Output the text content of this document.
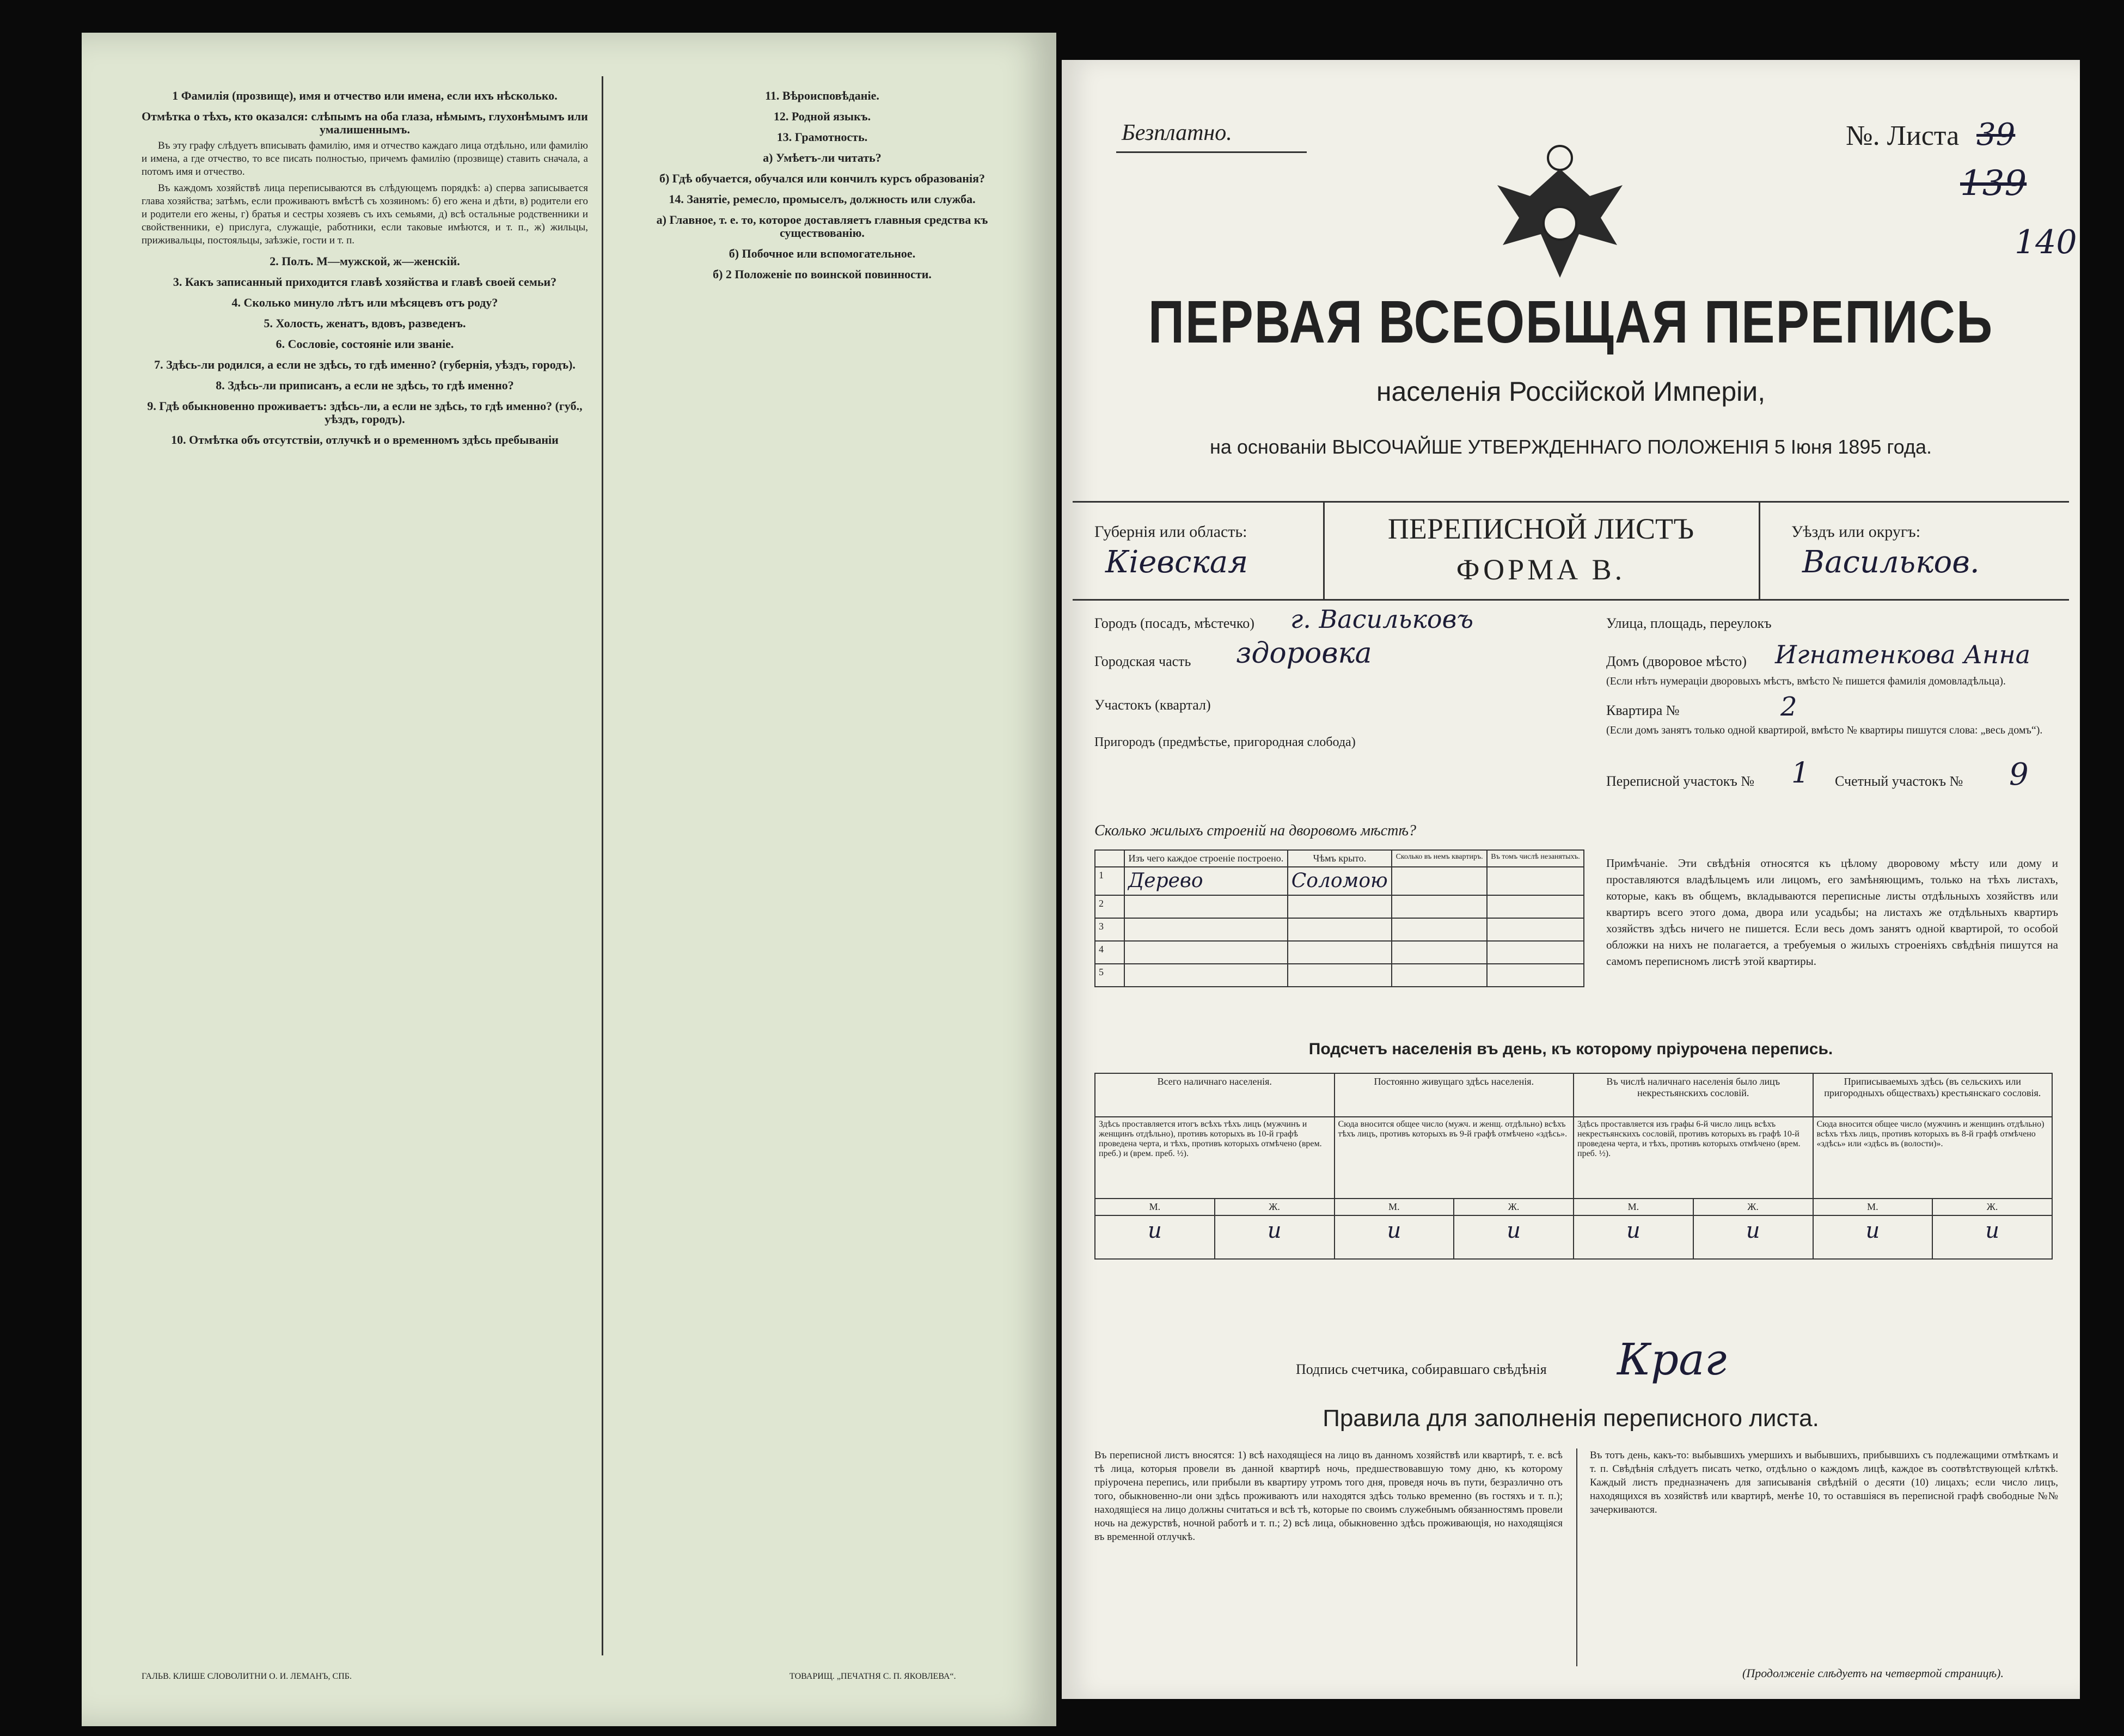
1 Фамилія (прозвище), имя и отчество или имена, если ихъ нѣсколько.
Отмѣтка о тѣхъ, кто оказался: слѣпымъ на оба глаза, нѣмымъ, глухонѣмымъ или умалишеннымъ.

Въ эту графу слѣдуетъ вписывать фамилію, имя и отчество каждаго лица отдѣльно, или фамилію и имена, а где отчество, то все писать полностью, причемъ фамилію (прозвище) ставить сначала, а потомъ имя и отчество.

Въ каждомъ хозяйствѣ лица переписываются въ слѣдующемъ порядкѣ: а) сперва записывается глава хозяйства; затѣмъ, если проживаютъ вмѣстѣ съ хозяиномъ: б) его жена и дѣти, в) родители его и родители его жены, г) братья и сестры хозяевъ съ ихъ семьями, д) всѣ остальные родственники и свойственники, е) прислуга, служащіе, работники, если таковые имѣются, и т. п., ж) жильцы, приживальцы, постояльцы, заѣзжіе, гости и т. п.

2. Полъ. М—мужской, ж—женскій.
3. Какъ записанный приходится главѣ хозяйства и главѣ своей семьи?
4. Сколько минуло лѣтъ или мѣсяцевъ отъ роду?
5. Холость, женатъ, вдовъ, разведенъ.
6. Сословіе, состояніе или званіе.
7. Здѣсь-ли родился, а если не здѣсь, то гдѣ именно? (губернія, уѣздъ, городъ).
8. Здѣсь-ли приписанъ, а если не здѣсь, то гдѣ именно?
9. Гдѣ обыкновенно проживаетъ: здѣсь-ли, а если не здѣсь, то гдѣ именно? (губ., уѣздъ, городъ).
10. Отмѣтка объ отсутствіи, отлучкѣ и о временномъ здѣсь пребываніи
11. Вѣроисповѣданіе.
12. Родной языкъ.
13. Грамотность.
а) Умѣетъ-ли читать?
б) Гдѣ обучается, обучался или кончилъ курсъ образованія?
14. Занятіе, ремесло, промыселъ, должность или служба.
а) Главное, т. е. то, которое доставляетъ главныя средства къ существованію.
б) Побочное или вспомогательное.
б) 2 Положеніе по воинской повинности.
ГАЛЬВ. КЛИШЕ СЛОВОЛИТНИ О. И. ЛЕМАНЪ, СПБ.	ТОВАРИЩ. „ПЕЧАТНЯ С. П. ЯКОВЛЕВА“.
Безплатно.	№. Листа 39
139
140
ПЕРВАЯ ВСЕОБЩАЯ ПЕРЕПИСЬ
населенія Россійской Имперіи,
на основаніи ВЫСОЧАЙШЕ УТВЕРЖДЕННАГО ПОЛОЖЕНІЯ 5 Іюня 1895 года.
Губернія или область:
Кіевская
ПЕРЕПИСНОЙ ЛИСТЪ
ФОРМА В.
Уѣздъ или округъ:
Васильков.
Городъ (посадъ, мѣстечко) г. Васильковъ	Улица, площадь, переулокъ
Городская часть здоровка	Домъ (дворовое мѣсто) Игнатенкова Анна
(Если нѣтъ нумераціи дворовыхъ мѣстъ, вмѣсто № пишется фамилія домовладѣльца).
Участокъ (квартал)	Квартира №	2
(Если домъ занятъ только одной квартирой, вмѣсто № квартиры пишутся слова: „весь домъ“).
Пригородъ (предмѣстье, пригородная слобода)
Переписной участокъ № 1 Счетный участокъ № 9
Сколько жилыхъ строеній на дворовомъ мѣстѣ?
	Изъ чего каждое строеніе построено.	Чѣмъ крыто.	Сколько въ немъ квартиръ.	Въ томъ числѣ незанятыхъ.
1	Дерево	Соломою		
2				
3				
4				
5				
Примѣчаніе. Эти свѣдѣнія относятся къ цѣлому дворовому мѣсту или дому и проставляются владѣльцемъ или лицомъ, его замѣняющимъ, только на тѣхъ листахъ, которые, какъ въ общемъ, вкладываются переписные листы отдѣльныхъ хозяйствъ или квартиръ всего этого дома, двора или усадьбы; на листахъ же отдѣльныхъ квартиръ хозяйствъ здѣсь ничего не пишется. Если весь домъ занятъ одной квартирой, то особой обложки на нихъ не полагается, а требуемыя о жилыхъ строеніяхъ свѣдѣнія пишутся на самомъ переписномъ листѣ этой квартиры.
Подсчетъ населенія въ день, къ которому пріурочена перепись.
Всего наличнаго населенія.		Постоянно живущаго здѣсь населенія.		Въ числѣ наличнаго населенія было лицъ некрестьянскихъ сословій.		Приписываемыхъ здѣсь (въ сельскихъ или пригородныхъ обществахъ) крестьянскаго сословія.	
Здѣсь проставляется итогъ всѣхъ тѣхъ лицъ (мужчинъ и женщинъ отдѣльно), противъ которыхъ въ 10-й графѣ проведена черта, и тѣхъ, противъ которыхъ отмѣчено (врем. преб.) и (врем. преб. ½).		Сюда вносится общее число (мужч. и женщ. отдѣльно) всѣхъ тѣхъ лицъ, противъ которыхъ въ 9-й графѣ отмѣчено «здѣсь».		Здѣсь проставляется изъ графы 6-й число лицъ всѣхъ некрестьянскихъ сословій, противъ которыхъ въ графѣ 10-й проведена черта, и тѣхъ, противъ которыхъ отмѣчено (врем. преб. ½).		Сюда вносится общее число (мужчинъ и женщинъ отдѣльно) всѣхъ тѣхъ лицъ, противъ которыхъ въ 8-й графѣ отмѣчено «здѣсь» или «здѣсь въ (волости)».	
М.	Ж.	М.	Ж.	М.	Ж.	М.	Ж.
и	и	и	и	и	и	и	и
Подпись счетчика, собиравшаго свѣдѣнія Краг
Правила для заполненія переписного листа.
Въ переписной листъ вносятся: 1) всѣ находящіеся на лицо въ данномъ хозяйствѣ или квартирѣ, т. е. всѣ тѣ лица, которыя провели въ данной квартирѣ ночь, предшествовавшую тому дню, къ которому пріурочена перепись, или прибыли въ квартиру утромъ того дня, проведя ночь въ пути, безразлично отъ того, обыкновенно-ли они здѣсь проживаютъ или находятся здѣсь только временно (въ гостяхъ и т. п.); находящіеся на лицо должны считаться и всѣ тѣ, которые по своимъ служебнымъ обязанностямъ провели ночь на дежурствѣ, ночной работѣ и т. п.; 2) всѣ лица, обыкновенно здѣсь проживающія, но находящіяся въ временной отлучкѣ.
Въ тотъ день, какъ-то: выбывшихъ умершихъ и выбывшихъ, прибывшихъ съ подлежащими отмѣткамъ и т. п. Свѣдѣнія слѣдуетъ писать четко, отдѣльно о каждомъ лицѣ, каждое въ соотвѣтствующей клѣткѣ. Каждый листъ предназначенъ для записыванія свѣдѣній о десяти (10) лицахъ; если число лицъ, находящихся въ хозяйствѣ или квартирѣ, менѣе 10, то оставшіяся въ переписной графѣ свободные №№ зачеркиваются.
(Продолженіе слѣдуетъ на четвертой страницѣ).
